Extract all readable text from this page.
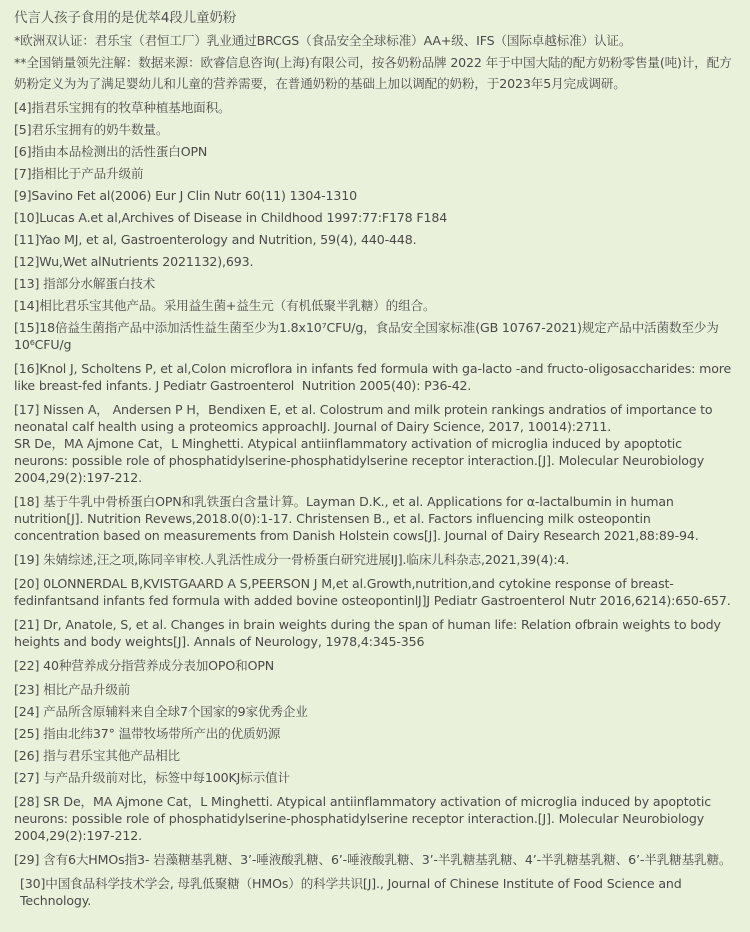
代言人孩子食用的是优萃4段儿童奶粉

*欧洲双认证：君乐宝（君恒工厂）乳业通过BRCGS（食品安全全球标准）AA+级、IFS（国际卓越标准）认证。

**全国销量领先注解：数据来源：欧睿信息咨询(上海)有限公司，按各奶粉品牌 2022 年于中国大陆的配方奶粉零售量(吨)计，配方奶粉定义为为了满足婴幼儿和儿童的营养需要，在普通奶粉的基础上加以调配的奶粉，于2023年5月完成调研。

[4]指君乐宝拥有的牧草种植基地面积。

[5]君乐宝拥有的奶牛数量。

[6]指由本品检测出的活性蛋白OPN

[7]指相比于产品升级前

[9]Savino Fet al(2006) Eur J Clin Nutr 60(11) 1304-1310

[10]Lucas A.et al,Archives of Disease in Childhood 1997:77:F178 F184

[11]Yao MJ, et al, Gastroenterology and Nutrition, 59(4), 440-448.

[12]Wu,Wet alNutrients 2021132),693.

[13] 指部分水解蛋白技术

[14]相比君乐宝其他产品。采用益生菌+益生元（有机低聚半乳糖）的组合。

[15]18倍益生菌指产品中添加活性益生菌至少为1.8x10⁷CFU/g，食品安全国家标准(GB 10767-2021)规定产品中活菌数至少为10⁶CFU/g

[16]Knol J, Scholtens P, et al,Colon microflora in infants fed formula with ga-lacto -and fructo-oligosaccharides: more like breast-fed infants. J Pediatr Gastroenterol  Nutrition 2005(40): P36-42.

[17] Nissen A， Andersen P H，Bendixen E, et al. Colostrum and milk protein rankings andratios of importance to neonatal calf health using a proteomics approachIJ. Journal of Dairy Science, 2017, 10014):2711.
SR De，MA Ajmone Cat，L Minghetti. Atypical antiinflammatory activation of microglia induced by apoptotic neurons: possible role of phosphatidylserine-phosphatidylserine receptor interaction.[J]. Molecular Neurobiology 2004,29(2):197-212.

[18] 基于牛乳中骨桥蛋白OPN和乳铁蛋白含量计算。Layman D.K., et al. Applications for α-lactalbumin in human nutrition[J]. Nutrition Revews,2018.0(0):1-17. Christensen B., et al. Factors influencing milk osteopontin concentration based on measurements from Danish Holstein cows[J]. Journal of Dairy Research 2021,88:89-94.

[19] 朱婧综述,汪之项,陈同辛审校.人乳活性成分一骨桥蛋白研究进展IJ].临床儿科杂志,2021,39(4):4.

[20] 0LONNERDAL B,KVISTGAARD A S,PEERSON J M,et al.Growth,nutrition,and cytokine response of breast-fedinfantsand infants fed formula with added bovine osteopontinlJ]J Pediatr Gastroenterol Nutr 2016,6214):650-657.

[21] Dr, Anatole, S, et al. Changes in brain weights during the span of human life: Relation ofbrain weights to body heights and body weights[J]. Annals of Neurology, 1978,4:345-356

[22] 40种营养成分指营养成分表加OPO和OPN

[23] 相比产品升级前

[24] 产品所含原辅料来自全球7个国家的9家优秀企业

[25] 指由北纬37° 温带牧场带所产出的优质奶源

[26] 指与君乐宝其他产品相比

[27] 与产品升级前对比，标签中每100KJ标示值计

[28] SR De，MA Ajmone Cat，L Minghetti. Atypical antiinflammatory activation of microglia induced by apoptotic neurons: possible role of phosphatidylserine-phosphatidylserine receptor interaction.[J]. Molecular Neurobiology 2004,29(2):197-212.

[29] 含有6大HMOs指3- 岩藻糖基乳糖、3’-唾液酸乳糖、6’-唾液酸乳糖、3’-半乳糖基乳糖、4’-半乳糖基乳糖、6’-半乳糖基乳糖。

[30]中国食品科学技术学会, 母乳低聚糖（HMOs）的科学共识[J]., Journal of Chinese Institute of Food Science and Technology.
